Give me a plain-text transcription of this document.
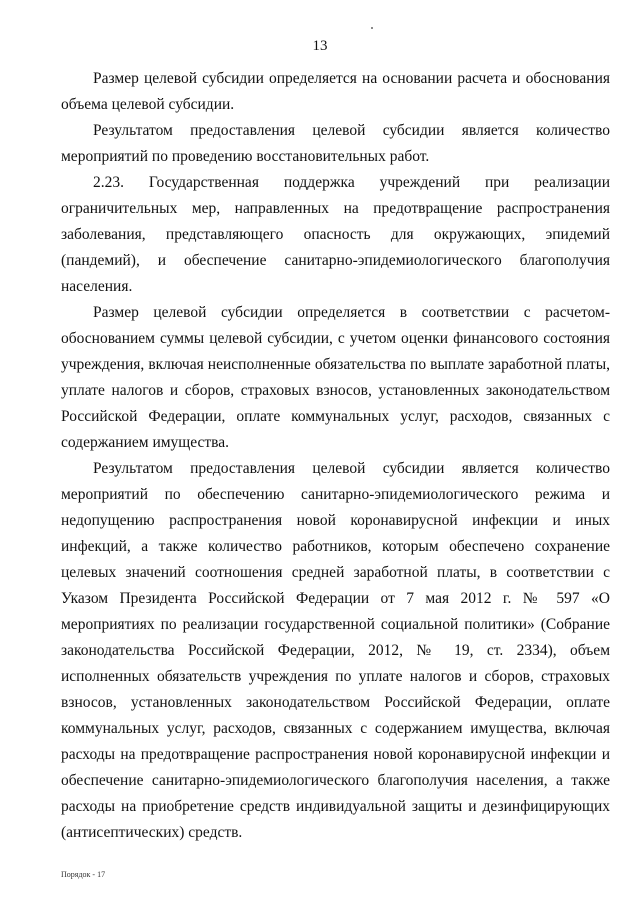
13

Размер целевой субсидии определяется на основании расчета и обоснования объема целевой субсидии.

Результатом предоставления целевой субсидии является количество мероприятий по проведению восстановительных работ.

2.23. Государственная поддержка учреждений при реализации ограничительных мер, направленных на предотвращение распространения заболевания, представляющего опасность для окружающих, эпидемий (пандемий), и обеспечение санитарно-эпидемиологического благополучия населения.

Размер целевой субсидии определяется в соответствии с расчетом-обоснованием суммы целевой субсидии, с учетом оценки финансового состояния учреждения, включая неисполненные обязательства по выплате заработной платы, уплате налогов и сборов, страховых взносов, установленных законодательством Российской Федерации, оплате коммунальных услуг, расходов, связанных с содержанием имущества.

Результатом предоставления целевой субсидии является количество мероприятий по обеспечению санитарно-эпидемиологического режима и недопущению распространения новой коронавирусной инфекции и иных инфекций, а также количество работников, которым обеспечено сохранение целевых значений соотношения средней заработной платы, в соответствии с Указом Президента Российской Федерации от 7 мая 2012 г. № 597 «О мероприятиях по реализации государственной социальной политики» (Собрание законодательства Российской Федерации, 2012, № 19, ст. 2334), объем исполненных обязательств учреждения по уплате налогов и сборов, страховых взносов, установленных законодательством Российской Федерации, оплате коммунальных услуг, расходов, связанных с содержанием имущества, включая расходы на предотвращение распространения новой коронавирусной инфекции и обеспечение санитарно-эпидемиологического благополучия населения, а также расходы на приобретение средств индивидуальной защиты и дезинфицирующих (антисептических) средств.

Порядок - 17
